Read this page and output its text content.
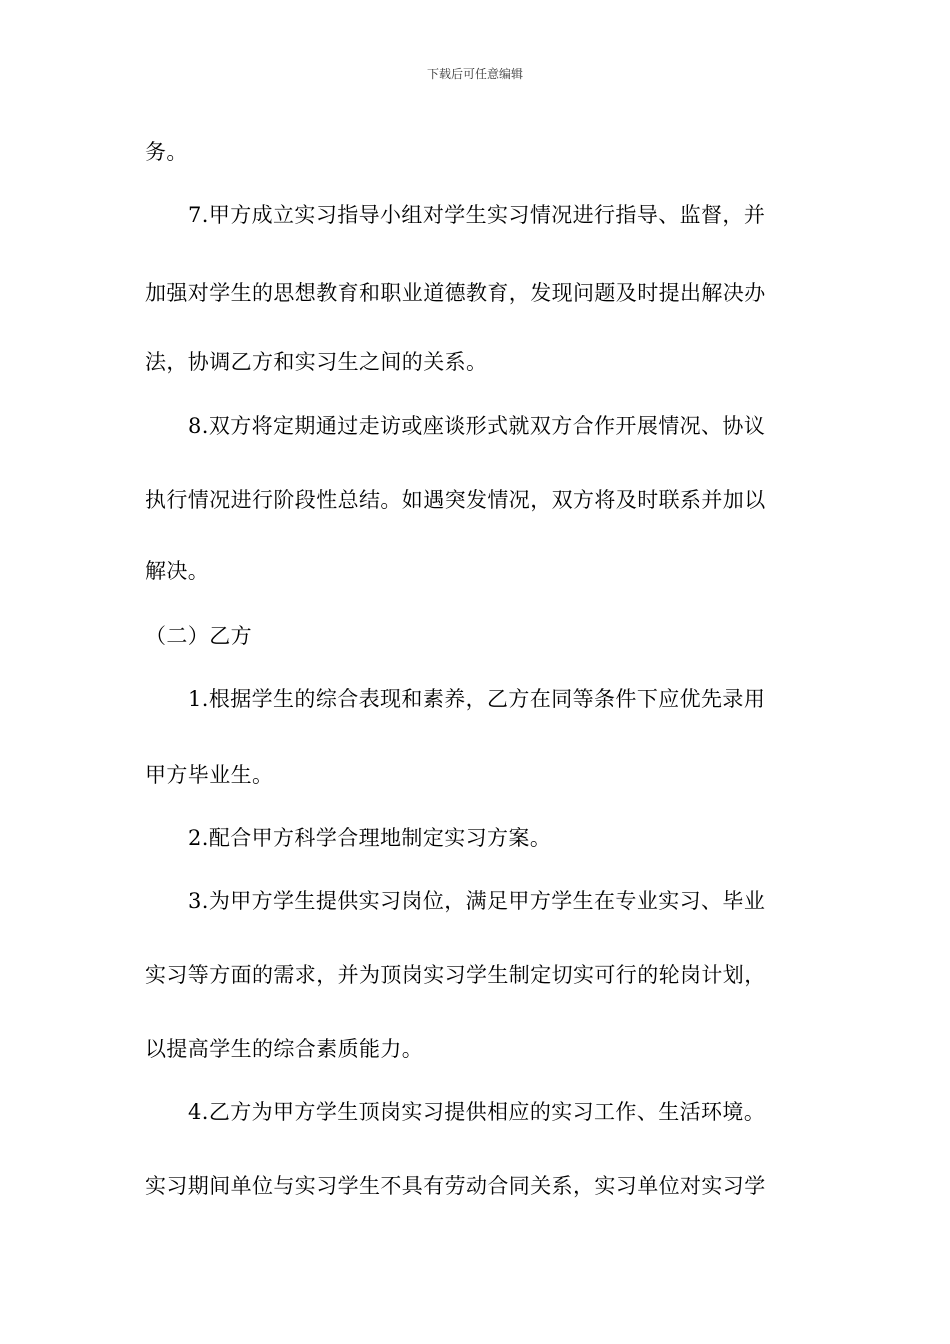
下载后可任意编辑
务。
7.甲方成立实习指导小组对学生实习情况进行指导、监督，并
加强对学生的思想教育和职业道德教育，发现问题及时提出解决办
法，协调乙方和实习生之间的关系。
8.双方将定期通过走访或座谈形式就双方合作开展情况、协议
执行情况进行阶段性总结。如遇突发情况，双方将及时联系并加以
解决。
（二）乙方
1.根据学生的综合表现和素养，乙方在同等条件下应优先录用
甲方毕业生。
2.配合甲方科学合理地制定实习方案。
3.为甲方学生提供实习岗位，满足甲方学生在专业实习、毕业
实习等方面的需求，并为顶岗实习学生制定切实可行的轮岗计划，
以提高学生的综合素质能力。
4.乙方为甲方学生顶岗实习提供相应的实习工作、生活环境。
实习期间单位与实习学生不具有劳动合同关系，实习单位对实习学
